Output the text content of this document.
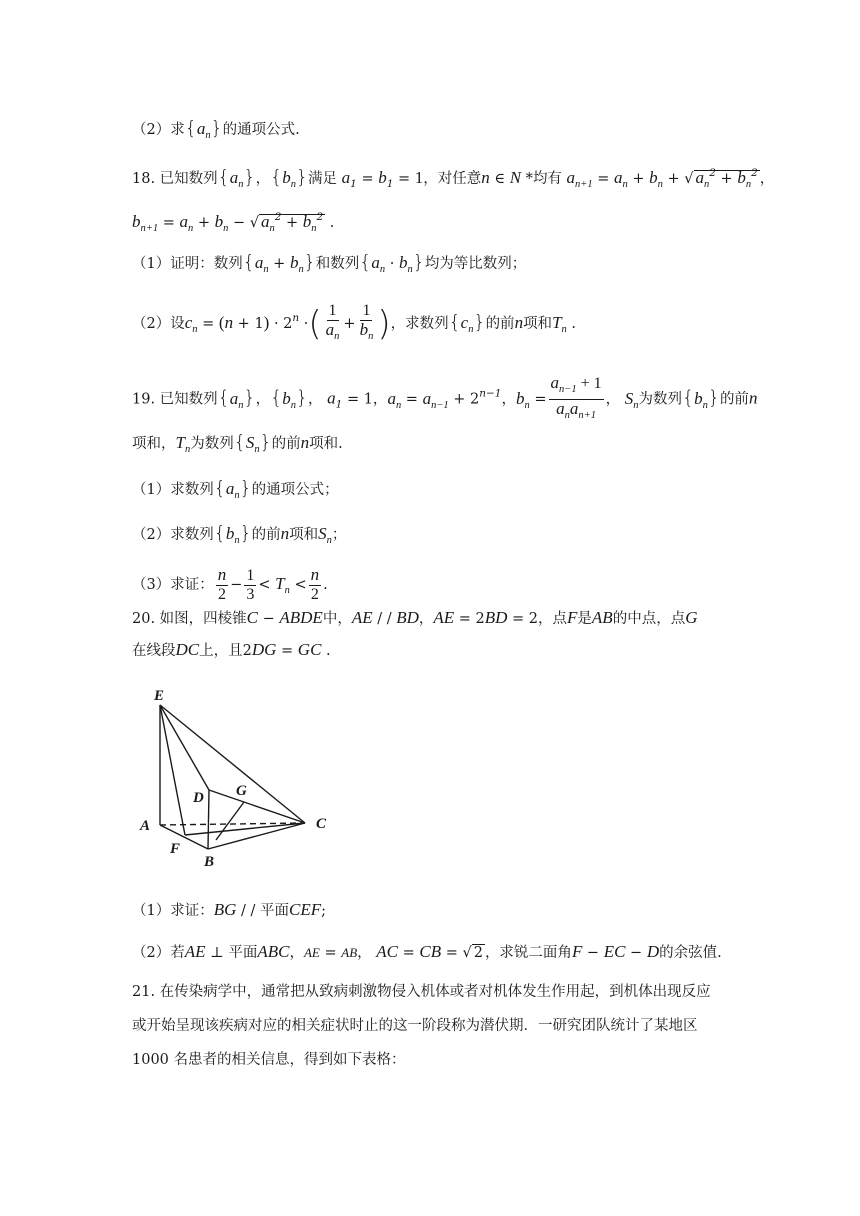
（2）求$\{a_n\}$的通项公式.
18. 已知数列$\{a_n\}$，$\{b_n\}$满足 $a_1 = b_1 = 1$，对任意n ∈ N *均有 $a_{n+1} = a_n + b_n$ + √ $a_n^2 + b_n^2$ ，
$b_{n+1} = a_n + b_n$ − √ $a_n^2 + b_n^2$ .
（1）证明：数列$\{a_n + b_n\}$和数列$\{a_n \cdot b_n\}$均为等比数列；
（2）设$c_n = (n + 1) \cdot 2^n$ ·( $\frac{1}{a_n} + \frac{1}{b_n}$ )，求数列$\{c_n\}$的前n项和$T_n$ .
19. 已知数列$\{a_n\}$，$\{b_n\}$， $a_1 = 1$，$a_n = a_{n-1} + 2^{n-1}$，$b_n = \frac{a_{n-1} + 1}{a_na_{n+1}}$ ， $S_n$为数列$\{b_n\}$的前n
项和，$T_n$为数列$\{S_n\}$的前n项和.
（1）求数列$\{a_n\}$的通项公式；
（2）求数列$\{b_n\}$的前n项和$S_n$；
（3）求证： $\frac{n}{2} - \frac{1}{3} < T_n < \frac{n}{2}$ .
20. 如图，四棱锥C − ABDE中，AE / / BD，AE = 2BD = 2，点F是AB的中点，点G
在线段DC上，且2DG = GC .
E
A
F
B
D G
C
（1）求证：BG / / 平面CEF;
（2）若AE ⊥ 平面ABC，AE = AB， AC = CB = √ 2 ，求锐二面角F − EC − D的余弦值.
21. 在传染病学中，通常把从致病刺激物侵入机体或者对机体发生作用起，到机体出现反应
或开始呈现该疾病对应的相关症状时止的这一阶段称为潜伏期．一研究团队统计了某地区
1000 名患者的相关信息，得到如下表格：
